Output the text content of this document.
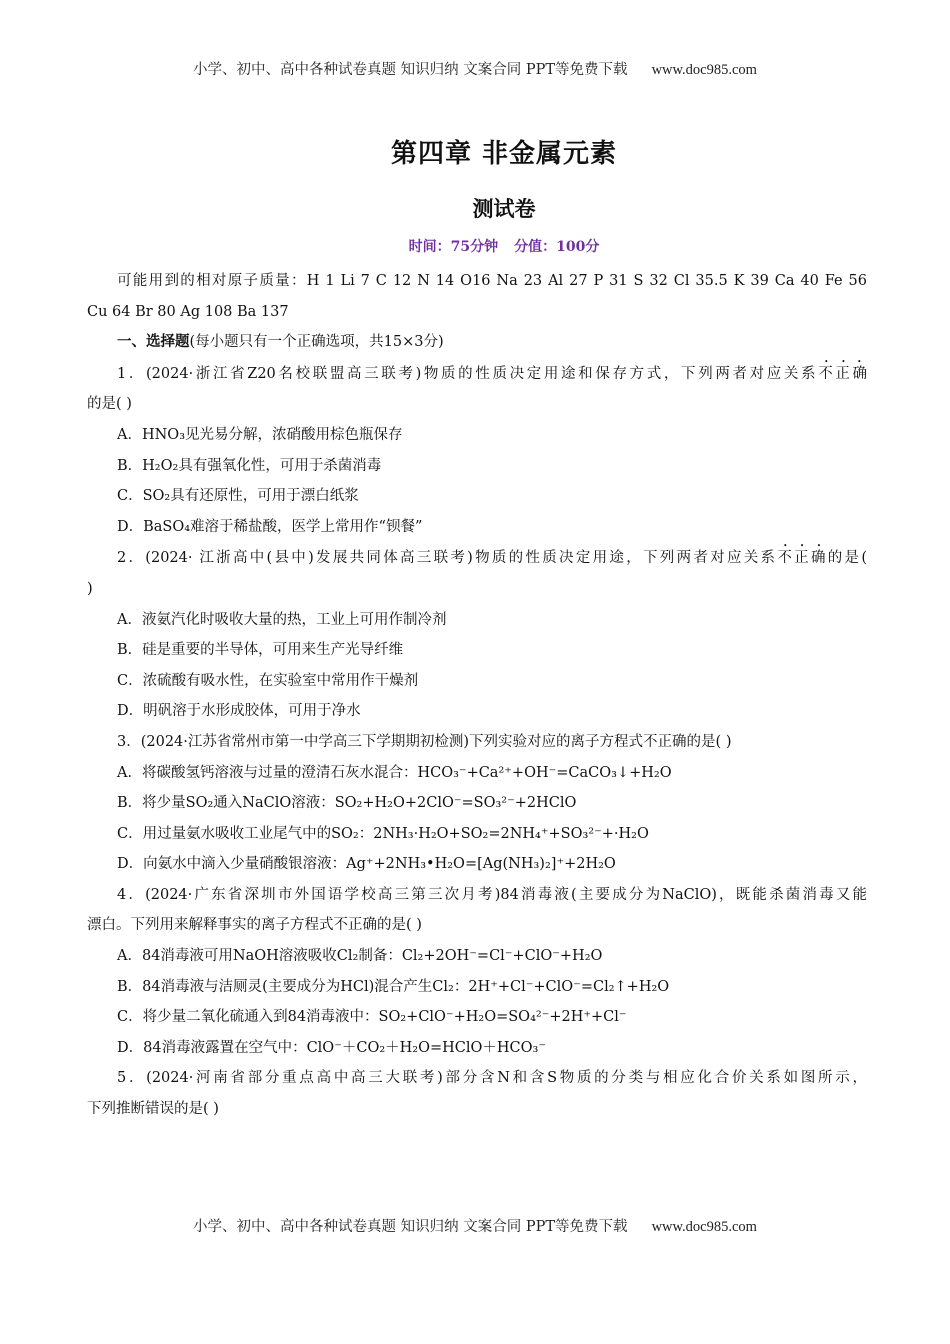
小学、初中、高中各种试卷真题 知识归纳 文案合同 PPT等免费下载 www.doc985.com
第四章 非金属元素
测试卷
时间：75分钟 分值：100分

可能用到的相对原子质量：H 1 Li 7 C 12 N 14 O16 Na 23 Al 27 P 31 S 32 Cl 35.5 K 39 Ca 40 Fe 56

Cu 64 Br 80 Ag 108 Ba 137

一、选择题(每小题只有一个正确选项，共15×3分)

1．(2024·浙江省Z20名校联盟高三联考)物质的性质决定用途和保存方式，下列两者对应关系不正确

的是( )

A．HNO₃见光易分解，浓硝酸用棕色瓶保存

B．H₂O₂具有强氧化性，可用于杀菌消毒

C．SO₂具有还原性，可用于漂白纸浆

D．BaSO₄难溶于稀盐酸，医学上常用作“钡餐”

2．(2024· 江浙高中(县中)发展共同体高三联考)物质的性质决定用途，下列两者对应关系不正确的是(

)

A．液氨汽化时吸收大量的热，工业上可用作制冷剂

B．硅是重要的半导体，可用来生产光导纤维

C．浓硫酸有吸水性，在实验室中常用作干燥剂

D．明矾溶于水形成胶体，可用于净水

3．(2024·江苏省常州市第一中学高三下学期期初检测)下列实验对应的离子方程式不正确的是( )

A．将碳酸氢钙溶液与过量的澄清石灰水混合：HCO₃⁻+Ca²⁺+OH⁻=CaCO₃↓+H₂O

B．将少量SO₂通入NaClO溶液：SO₂+H₂O+2ClO⁻=SO₃²⁻+2HClO

C．用过量氨水吸收工业尾气中的SO₂：2NH₃·H₂O+SO₂=2NH₄⁺+SO₃²⁻+·H₂O

D．向氨水中滴入少量硝酸银溶液：Ag⁺+2NH₃•H₂O=[Ag(NH₃)₂]⁺+2H₂O

4．(2024·广东省深圳市外国语学校高三第三次月考)84消毒液(主要成分为NaClO)，既能杀菌消毒又能

漂白。下列用来解释事实的离子方程式不正确的是( )

A．84消毒液可用NaOH溶液吸收Cl₂制备：Cl₂+2OH⁻=Cl⁻+ClO⁻+H₂O

B．84消毒液与洁厕灵(主要成分为HCl)混合产生Cl₂：2H⁺+Cl⁻+ClO⁻=Cl₂↑+H₂O

C．将少量二氧化硫通入到84消毒液中：SO₂+ClO⁻+H₂O=SO₄²⁻+2H⁺+Cl⁻

D．84消毒液露置在空气中：ClO⁻＋CO₂＋H₂O=HClO＋HCO₃⁻

5．(2024·河南省部分重点高中高三大联考)部分含N和含S物质的分类与相应化合价关系如图所示，

下列推断错误的是( )

小学、初中、高中各种试卷真题 知识归纳 文案合同 PPT等免费下载 www.doc985.com
